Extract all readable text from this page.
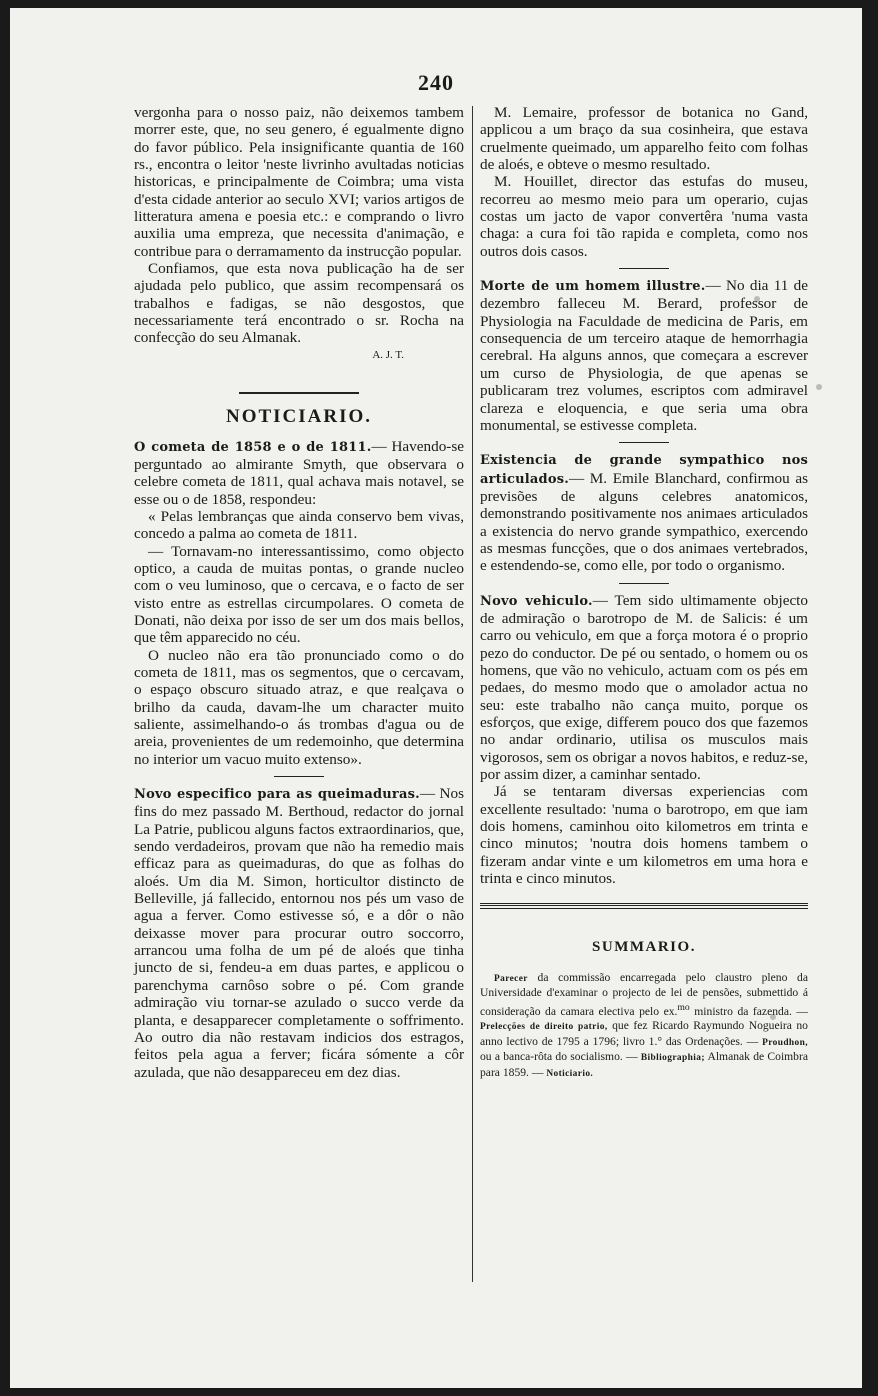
240

vergonha para o nosso paiz, não deixemos tambem morrer este, que, no seu genero, é egualmente digno do favor público. Pela insignificante quantia de 160 rs., encontra o leitor 'neste livrinho avultadas noticias historicas, e principalmente de Coimbra; uma vista d'esta cidade anterior ao seculo XVI; varios artigos de litteratura amena e poesia etc.: e comprando o livro auxilia uma empreza, que necessita d'animação, e contribue para o derramamento da instrucção popular.

Confiamos, que esta nova publicação ha de ser ajudada pelo publico, que assim recompensará os trabalhos e fadigas, se não desgostos, que necessariamente terá encontrado o sr. Rocha na confecção do seu Almanak.

A. J. T.

NOTICIARIO.

O cometa de 1858 e o de 1811.— Havendo-se perguntado ao almirante Smyth, que observara o celebre cometa de 1811, qual achava mais notavel, se esse ou o de 1858, respondeu:

« Pelas lembranças que ainda conservo bem vivas, concedo a palma ao cometa de 1811.

— Tornavam-no interessantissimo, como objecto optico, a cauda de muitas pontas, o grande nucleo com o veu luminoso, que o cercava, e o facto de ser visto entre as estrellas circumpolares. O cometa de Donati, não deixa por isso de ser um dos mais bellos, que têm apparecido no céu.

O nucleo não era tão pronunciado como o do cometa de 1811, mas os segmentos, que o cercavam, o espaço obscuro situado atraz, e que realçava o brilho da cauda, davam-lhe um character muito saliente, assimelhando-o ás trombas d'agua ou de areia, provenientes de um redemoinho, que determina no interior um vacuo muito extenso».

Novo especifico para as queimaduras.— Nos fins do mez passado M. Berthoud, redactor do jornal La Patrie, publicou alguns factos extraordinarios, que, sendo verdadeiros, provam que não ha remedio mais efficaz para as queimaduras, do que as folhas do aloés. Um dia M. Simon, horticultor distincto de Belleville, já fallecido, entornou nos pés um vaso de agua a ferver. Como estivesse só, e a dôr o não deixasse mover para procurar outro soccorro, arrancou uma folha de um pé de aloés que tinha juncto de si, fendeu-a em duas partes, e applicou o parenchyma carnôso sobre o pé. Com grande admiração viu tornar-se azulado o succo verde da planta, e desapparecer completamente o soffrimento. Ao outro dia não restavam indicios dos estragos, feitos pela agua a ferver; ficára sómente a côr azulada, que não desappareceu em dez dias.

M. Lemaire, professor de botanica no Gand, applicou a um braço da sua cosinheira, que estava cruelmente queimado, um apparelho feito com folhas de aloés, e obteve o mesmo resultado.

M. Houillet, director das estufas do museu, recorreu ao mesmo meio para um operario, cujas costas um jacto de vapor convertêra 'numa vasta chaga: a cura foi tão rapida e completa, como nos outros dois casos.

Morte de um homem illustre.— No dia 11 de dezembro falleceu M. Berard, professor de Physiologia na Faculdade de medicina de Paris, em consequencia de um terceiro ataque de hemorrhagia cerebral. Ha alguns annos, que começara a escrever um curso de Physiologia, de que apenas se publicaram trez volumes, escriptos com admiravel clareza e eloquencia, e que seria uma obra monumental, se estivesse completa.

Existencia de grande sympathico nos articulados.— M. Emile Blanchard, confirmou as previsões de alguns celebres anatomicos, demonstrando positivamente nos animaes articulados a existencia do nervo grande sympathico, exercendo as mesmas funcções, que o dos animaes vertebrados, e estendendo-se, como elle, por todo o organismo.

Novo vehiculo.— Tem sido ultimamente objecto de admiração o barotropo de M. de Salicis: é um carro ou vehiculo, em que a força motora é o proprio pezo do conductor. De pé ou sentado, o homem ou os homens, que vão no vehiculo, actuam com os pés em pedaes, do mesmo modo que o amolador actua no seu: este trabalho não cança muito, porque os esforços, que exige, differem pouco dos que fazemos no andar ordinario, utilisa os musculos mais vigorosos, sem os obrigar a novos habitos, e reduz-se, por assim dizer, a caminhar sentado.

Já se tentaram diversas experiencias com excellente resultado: 'numa o barotropo, em que iam dois homens, caminhou oito kilometros em trinta e cinco minutos; 'noutra dois homens tambem o fizeram andar vinte e um kilometros em uma hora e trinta e cinco minutos.

SUMMARIO.

Parecer da commissão encarregada pelo claustro pleno da Universidade d'examinar o projecto de lei de pensões, submettido á consideração da camara electiva pelo ex.$^{mo}$ ministro da fazenda. — Prelecções de direito patrio, que fez Ricardo Raymundo Nogueira no anno lectivo de 1795 a 1796; livro 1.° das Ordenações. — Proudhon, ou a banca-rôta do socialismo. — Bibliographia; Almanak de Coimbra para 1859. — Noticiario.
